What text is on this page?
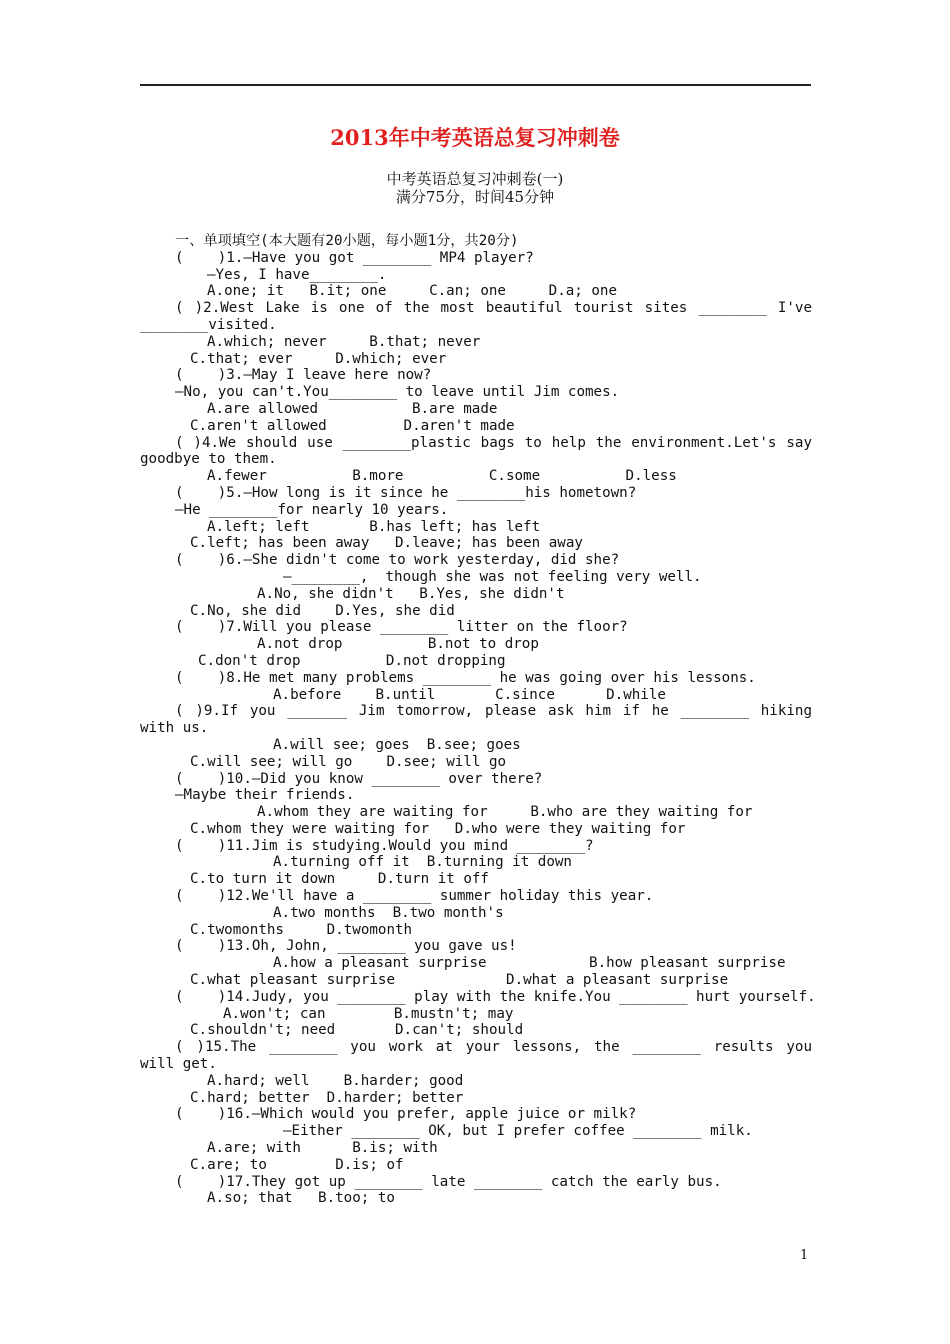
2013年中考英语总复习冲刺卷
中考英语总复习冲刺卷(一)
满分75分，时间45分钟
一、单项填空(本大题有20小题，每小题1分，共20分)
(    )1.—Have you got ________ MP4 player?
—Yes, I have________.
A.one; it   B.it; one     C.an; one     D.a; one
( )2.West Lake is one of the most beautiful tourist sites ________ I've
________visited.
A.which; never     B.that; never
C.that; ever     D.which; ever
(    )3.—May I leave here now?
—No, you can't.You________ to leave until Jim comes.
A.are allowed           B.are made
C.aren't allowed         D.aren't made
( )4.We should use ________plastic bags to help the environment.Let's say
goodbye to them.
A.fewer          B.more          C.some          D.less
(    )5.—How long is it since he ________his hometown?
—He ________for nearly 10 years.
A.left; left       B.has left; has left
C.left; has been away   D.leave; has been away
(    )6.—She didn't come to work yesterday, did she?
—________,  though she was not feeling very well.
A.No, she didn't   B.Yes, she didn't
C.No, she did    D.Yes, she did
(    )7.Will you please ________ litter on the floor?
A.not drop          B.not to drop
C.don't drop          D.not dropping
(    )8.He met many problems ________ he was going over his lessons.
A.before    B.until       C.since      D.while
( )9.If you _______ Jim tomorrow, please ask him if he ________ hiking
with us.
A.will see; goes  B.see; goes
C.will see; will go    D.see; will go
(    )10.—Did you know ________ over there?
—Maybe their friends.
A.whom they are waiting for     B.who are they waiting for
C.whom they were waiting for   D.who were they waiting for
(    )11.Jim is studying.Would you mind ________?
A.turning off it  B.turning it down
C.to turn it down     D.turn it off
(    )12.We'll have a ________ summer holiday this year.
A.two months  B.two month's
C.twomonths     D.twomonth
(    )13.Oh, John, ________ you gave us!
A.how a pleasant surprise            B.how pleasant surprise
C.what pleasant surprise             D.what a pleasant surprise
(    )14.Judy, you ________ play with the knife.You ________ hurt yourself.
A.won't; can        B.mustn't; may
C.shouldn't; need       D.can't; should
( )15.The ________ you work at your lessons, the ________ results you
will get.
A.hard; well    B.harder; good
C.hard; better  D.harder; better
(    )16.—Which would you prefer, apple juice or milk?
—Either ________ OK, but I prefer coffee ________ milk.
A.are; with      B.is; with
C.are; to        D.is; of
(    )17.They got up ________ late ________ catch the early bus.
A.so; that   B.too; to
1
